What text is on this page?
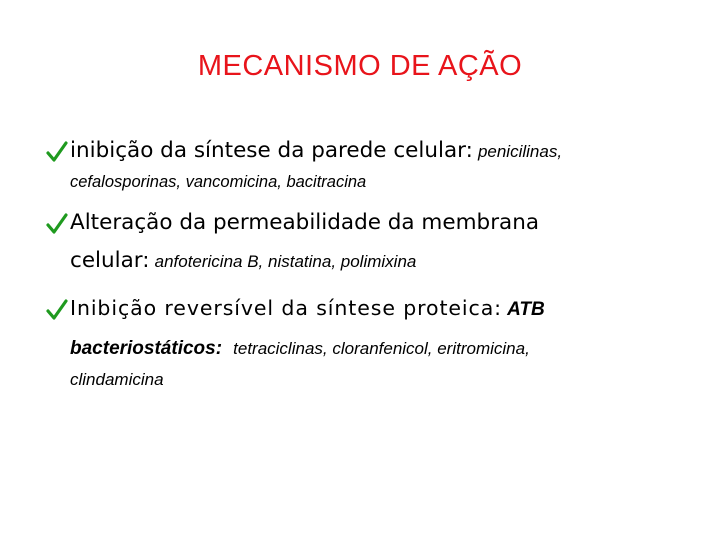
MECANISMO DE AÇÃO
inibição da síntese da parede celular: penicilinas,
cefalosporinas, vancomicina, bacitracina
Alteração da permeabilidade da membrana
celular: anfotericina B, nistatina, polimixina
Inibição reversível da síntese proteica: ATB
bacteriostáticos: tetraciclinas, cloranfenicol, eritromicina,
clindamicina
